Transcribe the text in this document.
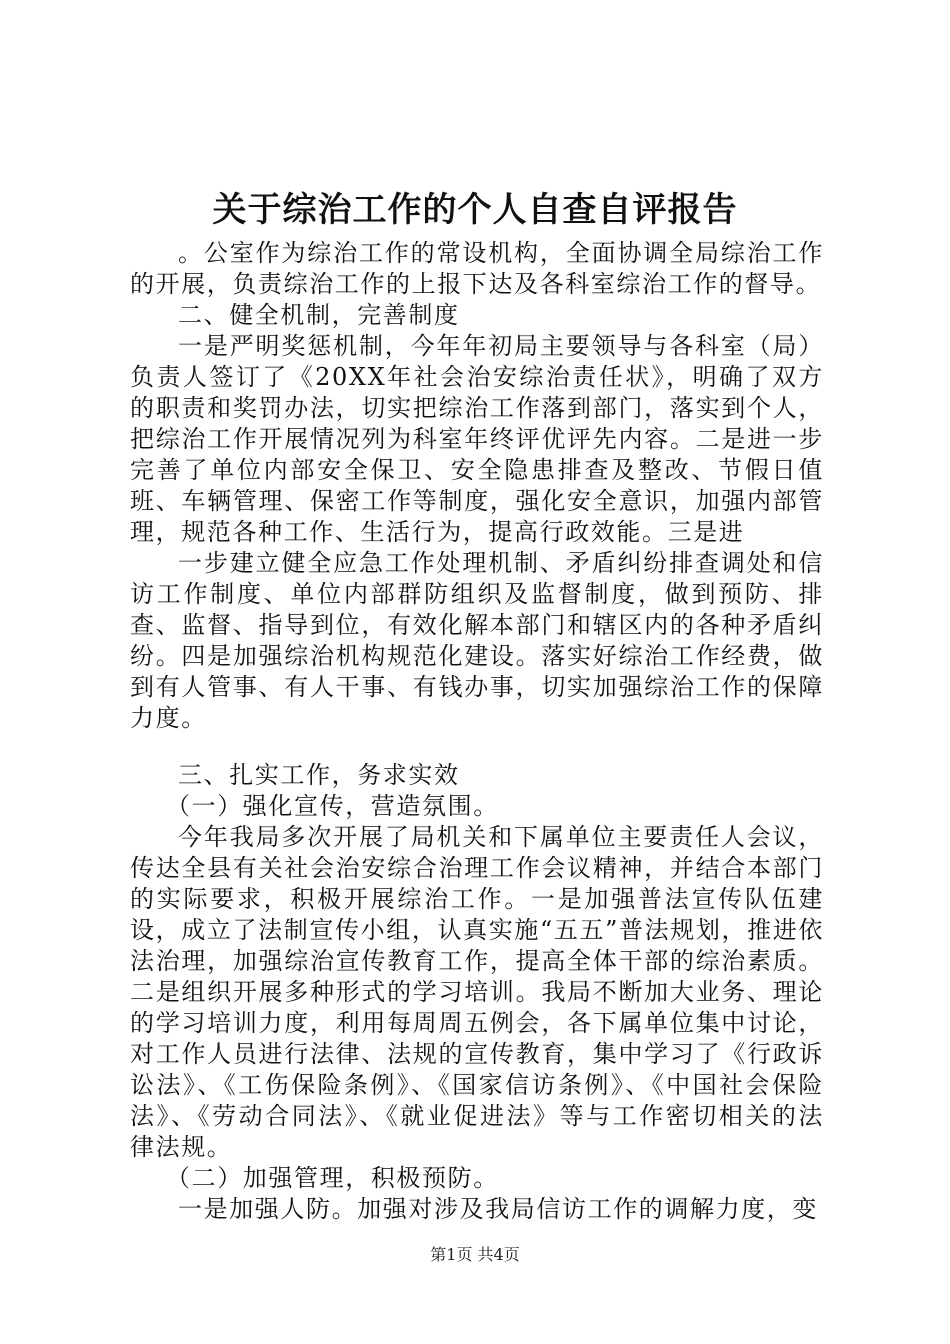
关于综治工作的个人自查自评报告

。公室作为综治工作的常设机构，全面协调全局综治工作的开展，负责综治工作的上报下达及各科室综治工作的督导。

二、健全机制，完善制度

一是严明奖惩机制，今年年初局主要领导与各科室（局）负责人签订了《20XX年社会治安综治责任状》，明确了双方的职责和奖罚办法，切实把综治工作落到部门，落实到个人，把综治工作开展情况列为科室年终评优评先内容。二是进一步完善了单位内部安全保卫、安全隐患排查及整改、节假日值班、车辆管理、保密工作等制度，强化安全意识，加强内部管理，规范各种工作、生活行为，提高行政效能。三是进

一步建立健全应急工作处理机制、矛盾纠纷排查调处和信访工作制度、单位内部群防组织及监督制度，做到预防、排查、监督、指导到位，有效化解本部门和辖区内的各种矛盾纠纷。四是加强综治机构规范化建设。落实好综治工作经费，做到有人管事、有人干事、有钱办事，切实加强综治工作的保障力度。

三、扎实工作，务求实效

（一）强化宣传，营造氛围。

今年我局多次开展了局机关和下属单位主要责任人会议，传达全县有关社会治安综合治理工作会议精神，并结合本部门的实际要求，积极开展综治工作。一是加强普法宣传队伍建设，成立了法制宣传小组，认真实施“五五”普法规划，推进依法治理，加强综治宣传教育工作，提高全体干部的综治素质。二是组织开展多种形式的学习培训。我局不断加大业务、理论的学习培训力度，利用每周周五例会，各下属单位集中讨论，对工作人员进行法律、法规的宣传教育，集中学习了《行政诉讼法》、《工伤保险条例》、《国家信访条例》、《中国社会保险法》、《劳动合同法》、《就业促进法》等与工作密切相关的法律法规。

（二）加强管理，积极预防。

一是加强人防。加强对涉及我局信访工作的调解力度，变

第1页 共4页
